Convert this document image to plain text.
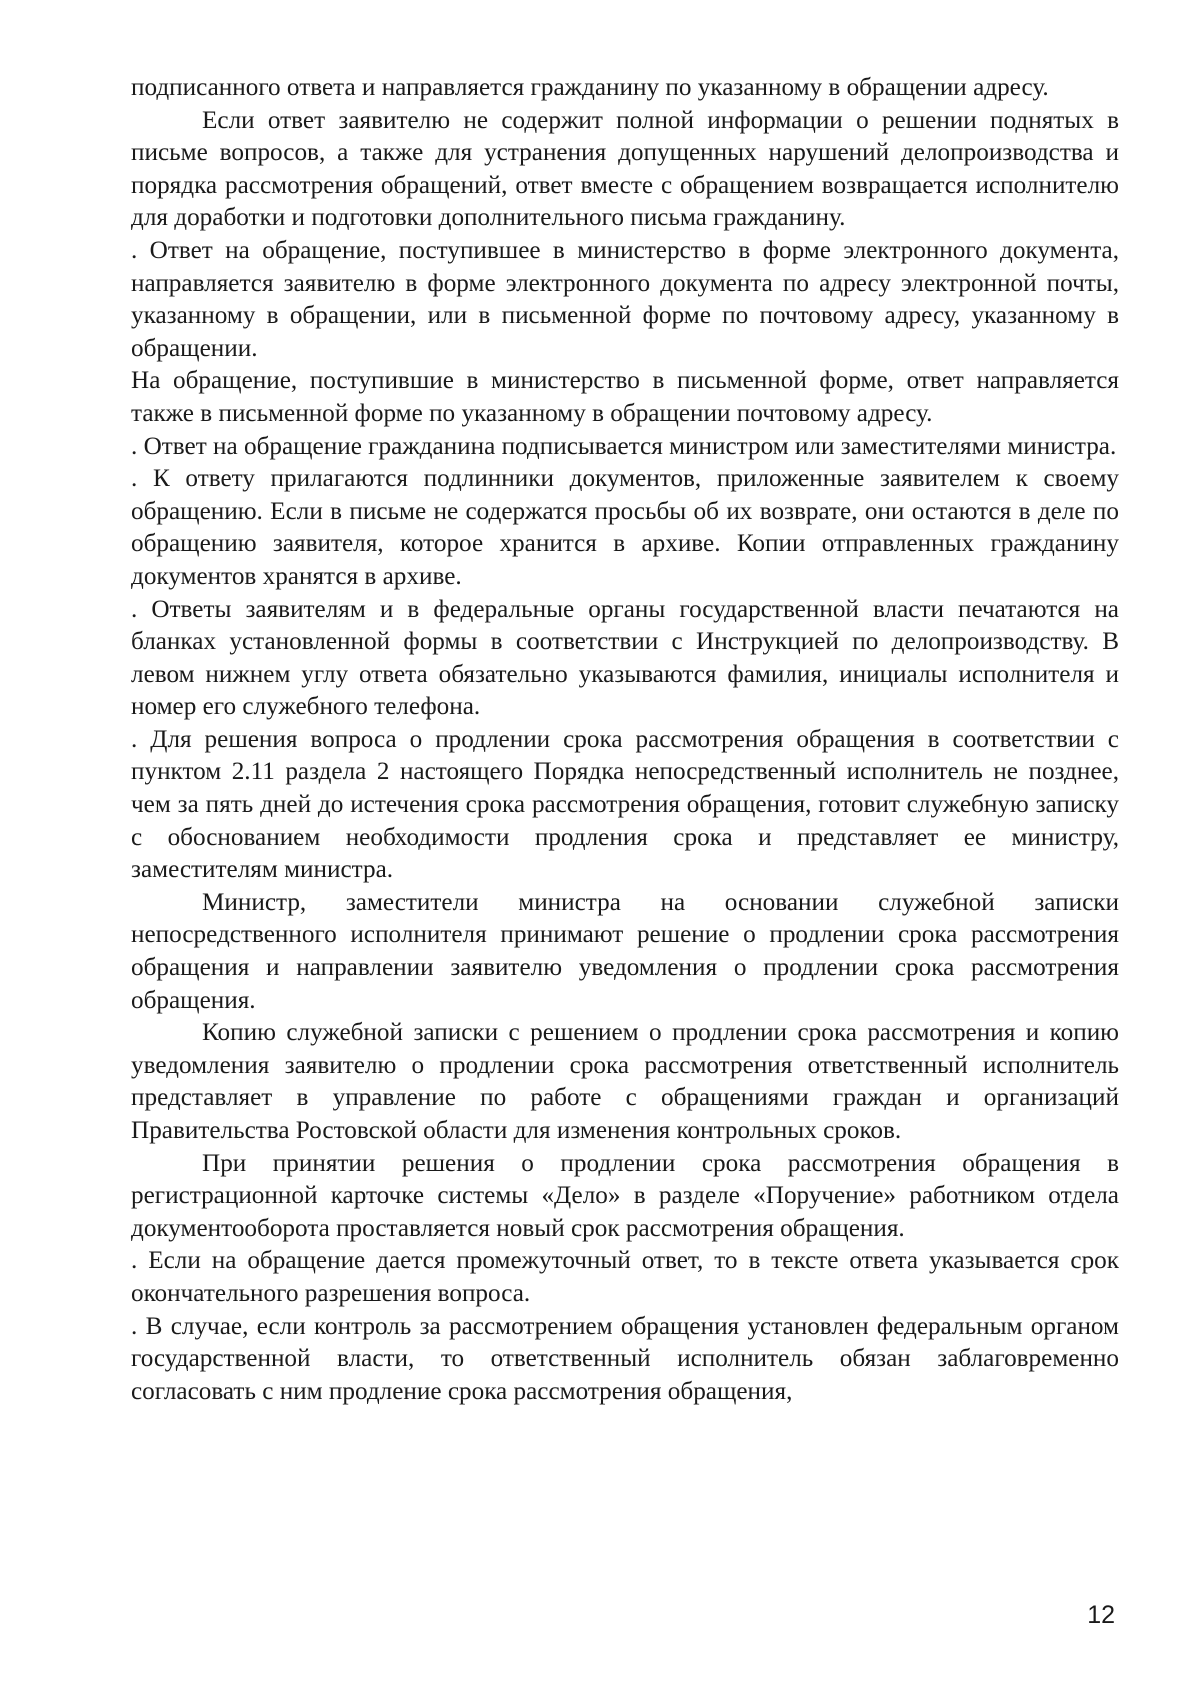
подписанного ответа и направляется гражданину по указанному в обращении адресу.

Если ответ заявителю не содержит полной информации о решении поднятых в письме вопросов, а также для устранения допущенных нарушений делопроизводства и порядка рассмотрения обращений, ответ вместе с обращением возвращается исполнителю для доработки и подготовки дополнительного письма гражданину.

. Ответ на обращение, поступившее в министерство в форме электронного документа, направляется заявителю в форме электронного документа по адресу электронной почты, указанному в обращении, или в письменной форме по почтовому адресу, указанному в обращении.

На обращение, поступившие в министерство в письменной форме, ответ направляется также в письменной форме по указанному в обращении почтовому адресу.

. Ответ на обращение гражданина подписывается министром или заместителями министра.

. К ответу прилагаются подлинники документов, приложенные заявителем к своему обращению. Если в письме не содержатся просьбы об их возврате, они остаются в деле по обращению заявителя, которое хранится в архиве. Копии отправленных гражданину документов хранятся в архиве.

. Ответы заявителям и в федеральные органы государственной власти печатаются на бланках установленной формы в соответствии с Инструкцией по делопроизводству. В левом нижнем углу ответа обязательно указываются фамилия, инициалы исполнителя и номер его служебного телефона.

. Для решения вопроса о продлении срока рассмотрения обращения в соответствии с пунктом 2.11 раздела 2 настоящего Порядка непосредственный исполнитель не позднее, чем за пять дней до истечения срока рассмотрения обращения, готовит служебную записку с обоснованием необходимости продления срока и представляет ее министру, заместителям министра.

Министр, заместители министра на основании служебной записки непосредственного исполнителя принимают решение о продлении срока рассмотрения обращения и направлении заявителю уведомления о продлении срока рассмотрения обращения.

Копию служебной записки с решением о продлении срока рассмотрения и копию уведомления заявителю о продлении срока рассмотрения ответственный исполнитель представляет в управление по работе с обращениями граждан и организаций Правительства Ростовской области для изменения контрольных сроков.

При принятии решения о продлении срока рассмотрения обращения в регистрационной карточке системы «Дело» в разделе «Поручение» работником отдела документооборота проставляется новый срок рассмотрения обращения.

. Если на обращение дается промежуточный ответ, то в тексте ответа указывается срок окончательного разрешения вопроса.

. В случае, если контроль за рассмотрением обращения установлен федеральным органом государственной власти, то ответственный исполнитель обязан заблаговременно согласовать с ним продление срока рассмотрения обращения,

12
